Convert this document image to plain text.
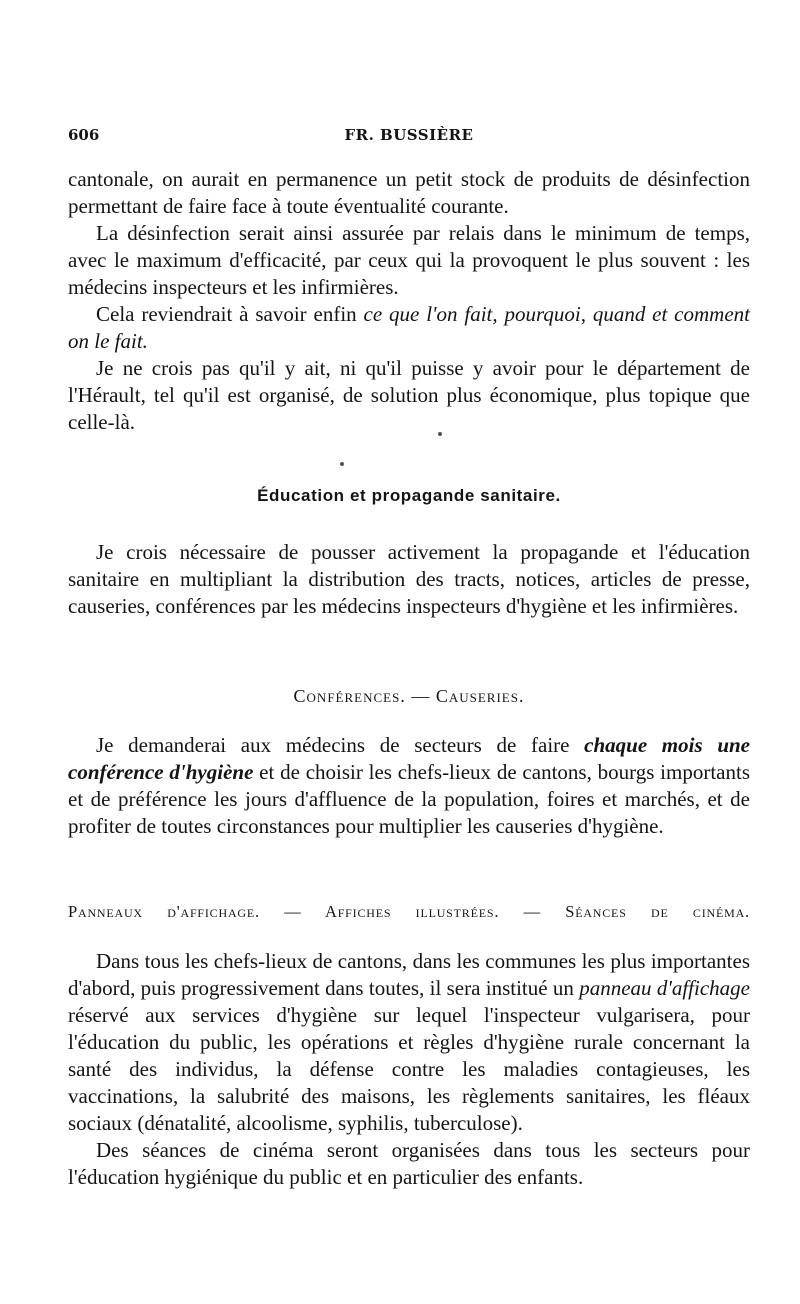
606	FR. BUSSIÈRE

cantonale, on aurait en permanence un petit stock de produits de désinfection permettant de faire face à toute éventualité courante.

La désinfection serait ainsi assurée par relais dans le minimum de temps, avec le maximum d'efficacité, par ceux qui la provoquent le plus souvent : les médecins inspecteurs et les infirmières.

Cela reviendrait à savoir enfin ce que l'on fait, pourquoi, quand et comment on le fait.

Je ne crois pas qu'il y ait, ni qu'il puisse y avoir pour le département de l'Hérault, tel qu'il est organisé, de solution plus économique, plus topique que celle-là.

Éducation et propagande sanitaire.

Je crois nécessaire de pousser activement la propagande et l'éducation sanitaire en multipliant la distribution des tracts, notices, articles de presse, causeries, conférences par les médecins inspecteurs d'hygiène et les infirmières.

Conférences. — Causeries.

Je demanderai aux médecins de secteurs de faire chaque mois une conférence d'hygiène et de choisir les chefs-lieux de cantons, bourgs importants et de préférence les jours d'affluence de la population, foires et marchés, et de profiter de toutes circonstances pour multiplier les causeries d'hygiène.

Panneaux d'affichage. — Affiches illustrées. — Séances de cinéma.

Dans tous les chefs-lieux de cantons, dans les communes les plus importantes d'abord, puis progressivement dans toutes, il sera institué un panneau d'affichage réservé aux services d'hygiène sur lequel l'inspecteur vulgarisera, pour l'éducation du public, les opérations et règles d'hygiène rurale concernant la santé des individus, la défense contre les maladies contagieuses, les vaccinations, la salubrité des maisons, les règlements sanitaires, les fléaux sociaux (dénatalité, alcoolisme, syphilis, tuberculose).

Des séances de cinéma seront organisées dans tous les secteurs pour l'éducation hygiénique du public et en particulier des enfants.
